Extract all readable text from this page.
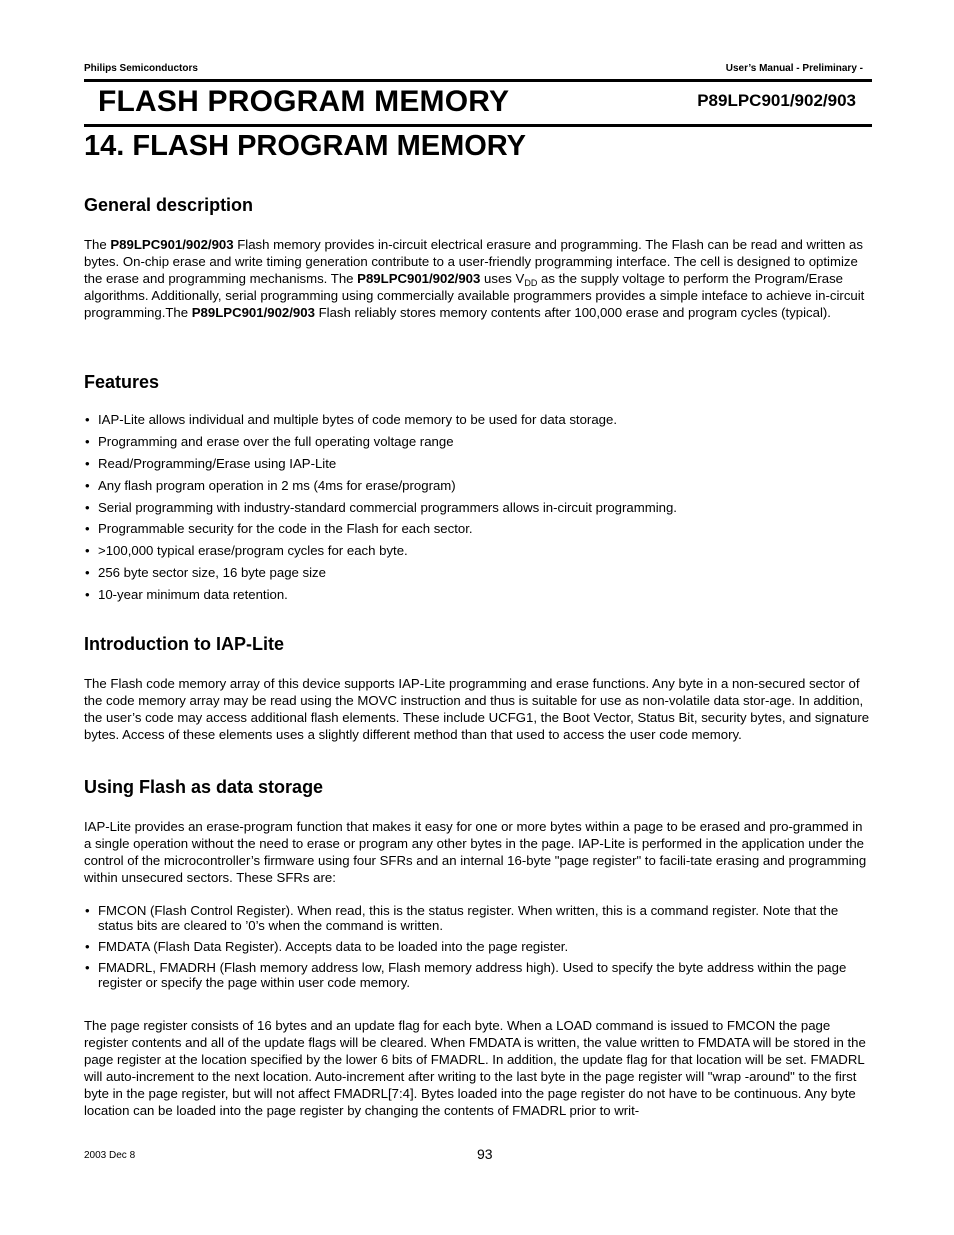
Philips Semiconductors	User’s Manual - Preliminary -
FLASH PROGRAM MEMORY	P89LPC901/902/903
14. FLASH PROGRAM MEMORY
General description
The P89LPC901/902/903 Flash memory provides in-circuit electrical erasure and programming. The Flash can be read and written as bytes. On-chip erase and write timing generation contribute to a user-friendly programming interface. The cell is designed to optimize the erase and programming mechanisms. The P89LPC901/902/903 uses $V_{DD}$ as the supply voltage to perform the Program/Erase algorithms. Additionally, serial programming using commercially available programmers provides a simple inteface to achieve in-circuit programming.The P89LPC901/902/903 Flash reliably stores memory contents after 100,000 erase and program cycles (typical).
Features
• IAP-Lite allows individual and multiple bytes of code memory to be used for data storage.
• Programming and erase over the full operating voltage range
• Read/Programming/Erase using IAP-Lite
• Any flash program operation in 2 ms (4ms for erase/program)
• Serial programming with industry-standard commercial programmers allows in-circuit programming.
• Programmable security for the code in the Flash for each sector.
• >100,000 typical erase/program cycles for each byte.
• 256 byte sector size, 16 byte page size
• 10-year minimum data retention.
Introduction to IAP-Lite
The Flash code memory array of this device supports IAP-Lite programming and erase functions. Any byte in a non-secured sector of the code memory array may be read using the MOVC instruction and thus is suitable for use as non-volatile data stor-age. In addition, the user’s code may access additional flash elements. These include UCFG1, the Boot Vector, Status Bit, security bytes, and signature bytes. Access of these elements uses a slightly different method than that used to access the user code memory.
Using Flash as data storage
IAP-Lite provides an erase-program function that makes it easy for one or more bytes within a page to be erased and pro-grammed in a single operation without the need to erase or program any other bytes in the page. IAP-Lite is performed in the application under the control of the microcontroller’s firmware using four SFRs and an internal 16-byte "page register" to facili-tate erasing and programming within unsecured sectors. These SFRs are:
• FMCON (Flash Control Register). When read, this is the status register. When written, this is a command register. Note that the status bits are cleared to ’0’s when the command is written.
• FMDATA (Flash Data Register). Accepts data to be loaded into the page register.
• FMADRL, FMADRH (Flash memory address low, Flash memory address high). Used to specify the byte address within the page register or specify the page within user code memory.
The page register consists of 16 bytes and an update flag for each byte. When a LOAD command is issued to FMCON the page register contents and all of the update flags will be cleared. When FMDATA is written, the value written to FMDATA will be stored in the page register at the location specified by the lower 6 bits of FMADRL. In addition, the update flag for that location will be set. FMADRL will auto-increment to the next location. Auto-increment after writing to the last byte in the page register will "wrap -around" to the first byte in the page register, but will not affect FMADRL[7:4]. Bytes loaded into the page register do not have to be continuous. Any byte location can be loaded into the page register by changing the contents of FMADRL prior to writ-
2003 Dec 8	93
